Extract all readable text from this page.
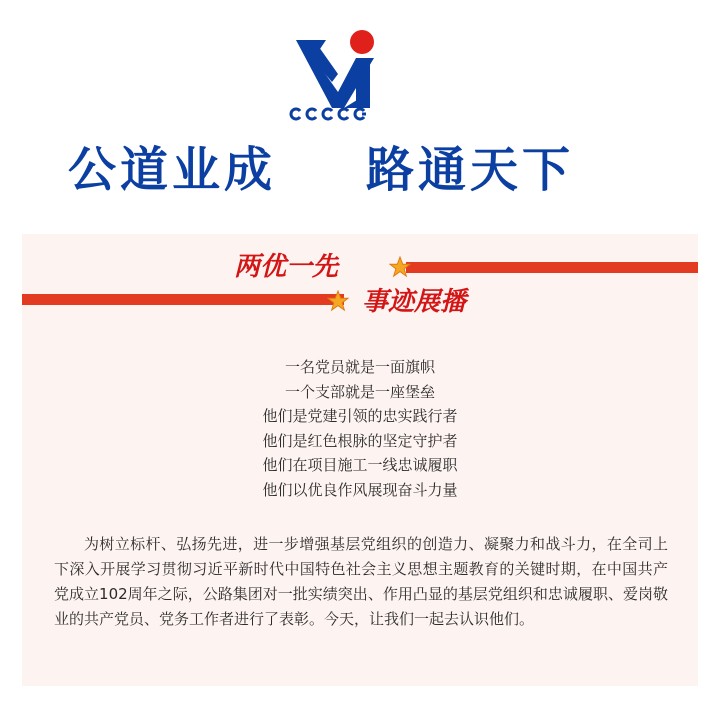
CCCCG
公道业成 路通天下
两优一先
事迹展播
一名党员就是一面旗帜
一个支部就是一座堡垒
他们是党建引领的忠实践行者
他们是红色根脉的坚定守护者
他们在项目施工一线忠诚履职
他们以优良作风展现奋斗力量
为树立标杆、弘扬先进，进一步增强基层党组织的创造力、凝聚力和战斗力，在全司上下深入开展学习贯彻习近平新时代中国特色社会主义思想主题教育的关键时期，在中国共产党成立102周年之际，公路集团对一批实绩突出、作用凸显的基层党组织和忠诚履职、爱岗敬业的共产党员、党务工作者进行了表彰。今天，让我们一起去认识他们。
